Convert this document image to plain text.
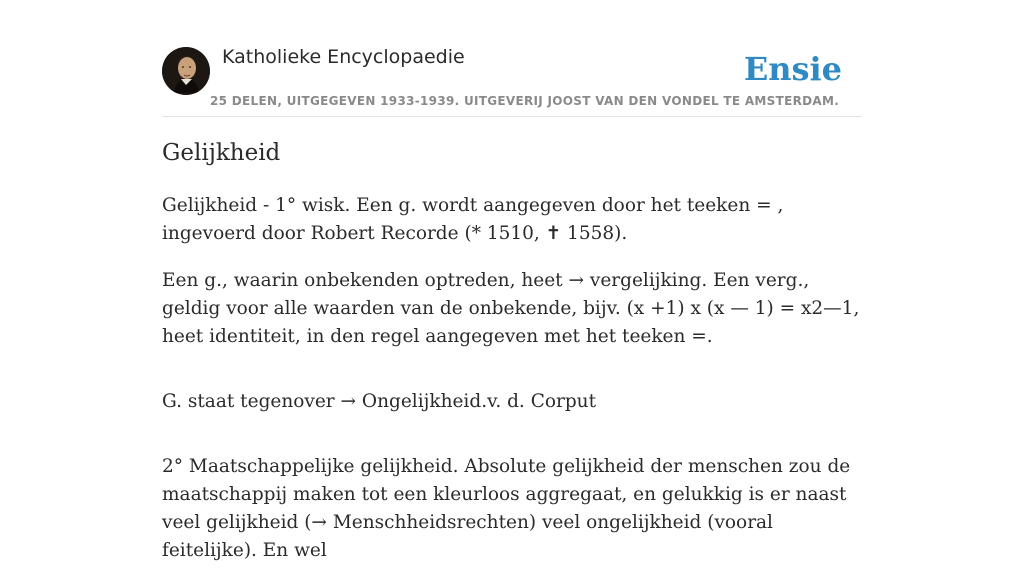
Katholieke Encyclopaedie	Ensie
25 DELEN, UITGEGEVEN 1933-1939. UITGEVERIJ JOOST VAN DEN VONDEL TE AMSTERDAM.
Gelijkheid

Gelijkheid - 1° wisk. Een g. wordt aangegeven door het teeken = , ingevoerd door Robert Recorde (* 1510, ✝ 1558).

Een g., waarin onbekenden optreden, heet → vergelijking. Een verg., geldig voor alle waarden van de onbekende, bijv. (x +1) x (x — 1) = x2—1, heet identiteit, in den regel aangegeven met het teeken =.

G. staat tegenover → Ongelijkheid.v. d. Corput

2° Maatschappelijke gelijkheid. Absolute gelijkheid der menschen zou de maatschappij maken tot een kleurloos aggregaat, en gelukkig is er naast veel gelijkheid (→ Menschheidsrechten) veel ongelijkheid (vooral feitelijke). En wel
